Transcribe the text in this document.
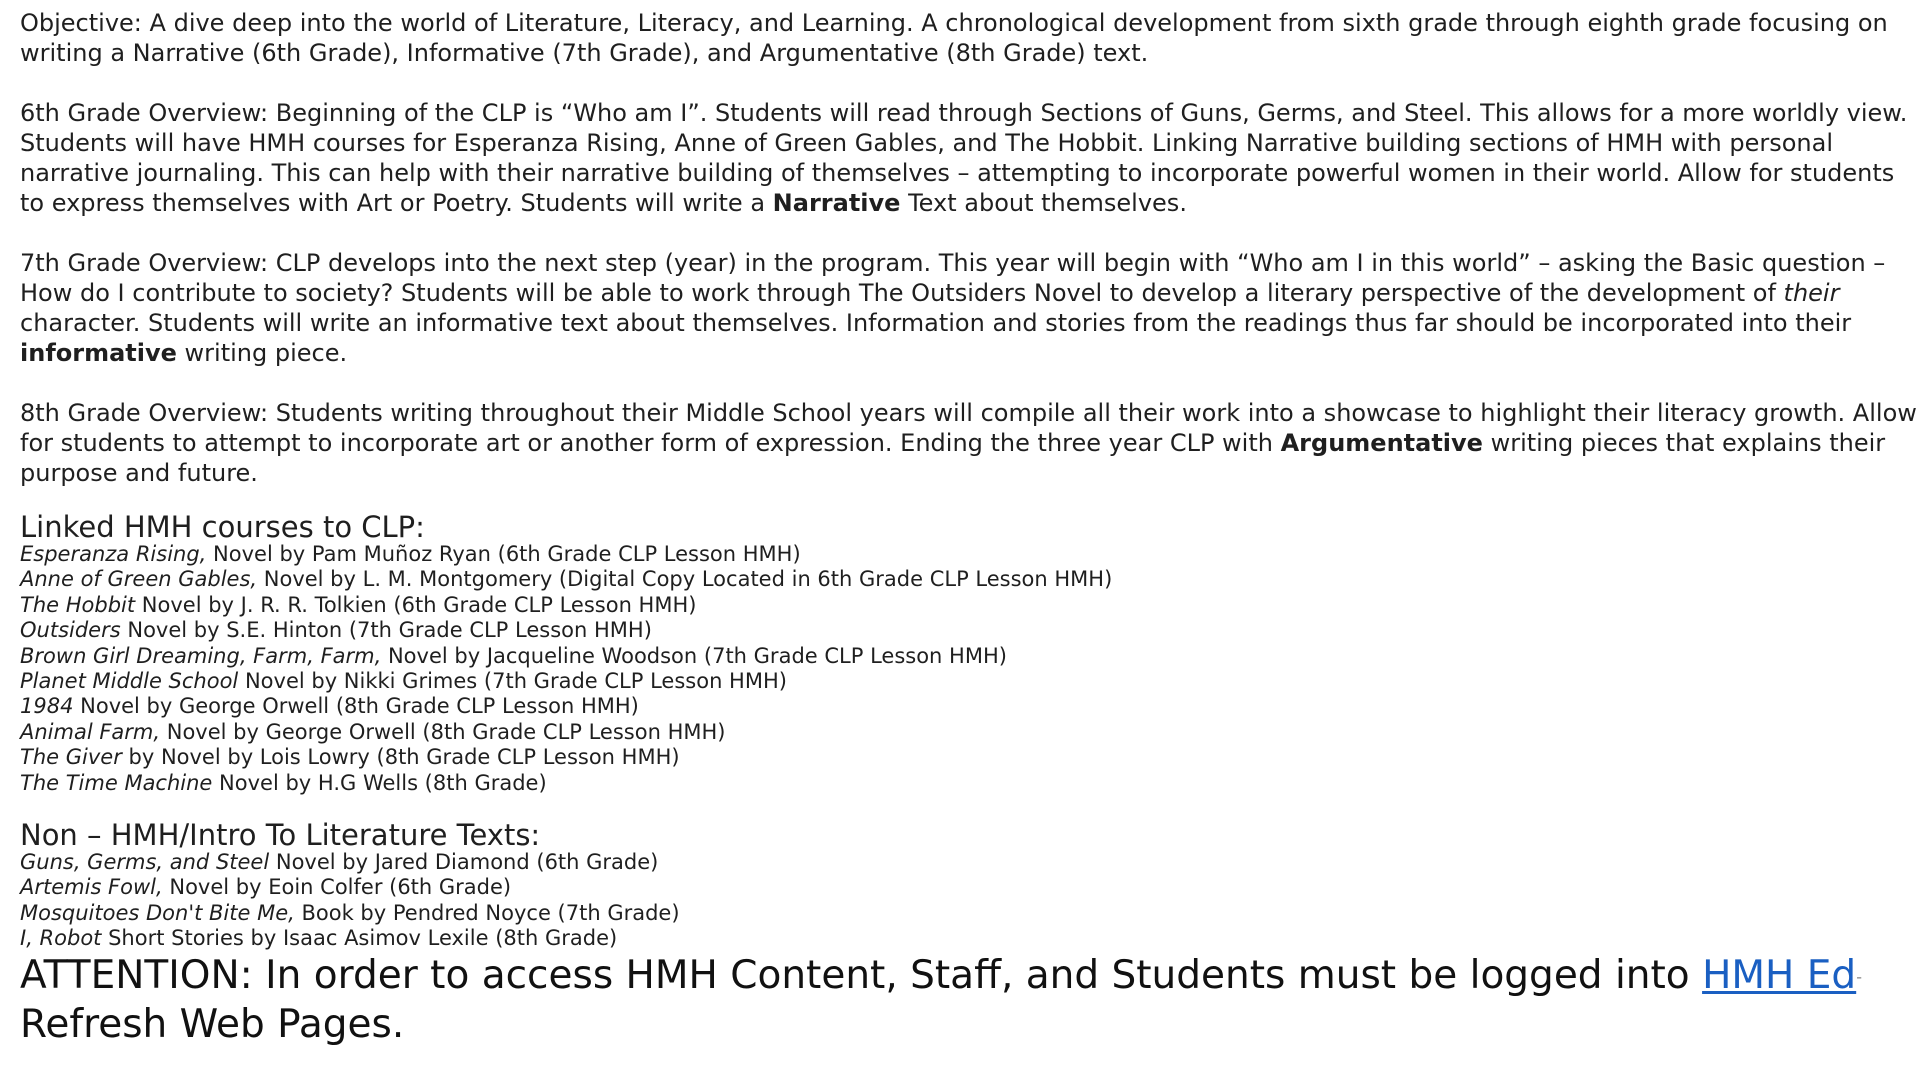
Objective: A dive deep into the world of Literature, Literacy, and Learning. A chronological development from sixth grade through eighth grade focusing on writing a Narrative (6th Grade), Informative (7th Grade), and Argumentative (8th Grade) text.

6th Grade Overview: Beginning of the CLP is “Who am I”. Students will read through Sections of Guns, Germs, and Steel. This allows for a more worldly view. Students will have HMH courses for Esperanza Rising, Anne of Green Gables, and The Hobbit. Linking Narrative building sections of HMH with personal narrative journaling. This can help with their narrative building of themselves – attempting to incorporate powerful women in their world. Allow for students to express themselves with Art or Poetry. Students will write a Narrative Text about themselves.

7th Grade Overview: CLP develops into the next step (year) in the program. This year will begin with “Who am I in this world” – asking the Basic question – How do I contribute to society? Students will be able to work through The Outsiders Novel to develop a literary perspective of the development of their character. Students will write an informative text about themselves. Information and stories from the readings thus far should be incorporated into their informative writing piece.

8th Grade Overview: Students writing throughout their Middle School years will compile all their work into a showcase to highlight their literacy growth. Allow for students to attempt to incorporate art or another form of expression. Ending the three year CLP with Argumentative writing pieces that explains their purpose and future.

Linked HMH courses to CLP:
Esperanza Rising, Novel by Pam Muñoz Ryan (6th Grade CLP Lesson HMH)
Anne of Green Gables, Novel by L. M. Montgomery (Digital Copy Located in 6th Grade CLP Lesson HMH)
The Hobbit Novel by J. R. R. Tolkien (6th Grade CLP Lesson HMH)
Outsiders Novel by S.E. Hinton (7th Grade CLP Lesson HMH)
Brown Girl Dreaming, Farm, Farm, Novel by Jacqueline Woodson (7th Grade CLP Lesson HMH)
Planet Middle School Novel by Nikki Grimes (7th Grade CLP Lesson HMH)
1984 Novel by George Orwell (8th Grade CLP Lesson HMH)
Animal Farm, Novel by George Orwell (8th Grade CLP Lesson HMH)
The Giver by Novel by Lois Lowry (8th Grade CLP Lesson HMH)
The Time Machine Novel by H.G Wells (8th Grade)
Non – HMH/Intro To Literature Texts:
Guns, Germs, and Steel Novel by Jared Diamond (6th Grade)
Artemis Fowl, Novel by Eoin Colfer (6th Grade)
Mosquitoes Don't Bite Me, Book by Pendred Noyce (7th Grade)
I, Robot Short Stories by Isaac Asimov Lexile (8th Grade)

ATTENTION: In order to access HMH Content, Staff, and Students must be logged into HMH Ed- Refresh Web Pages.
